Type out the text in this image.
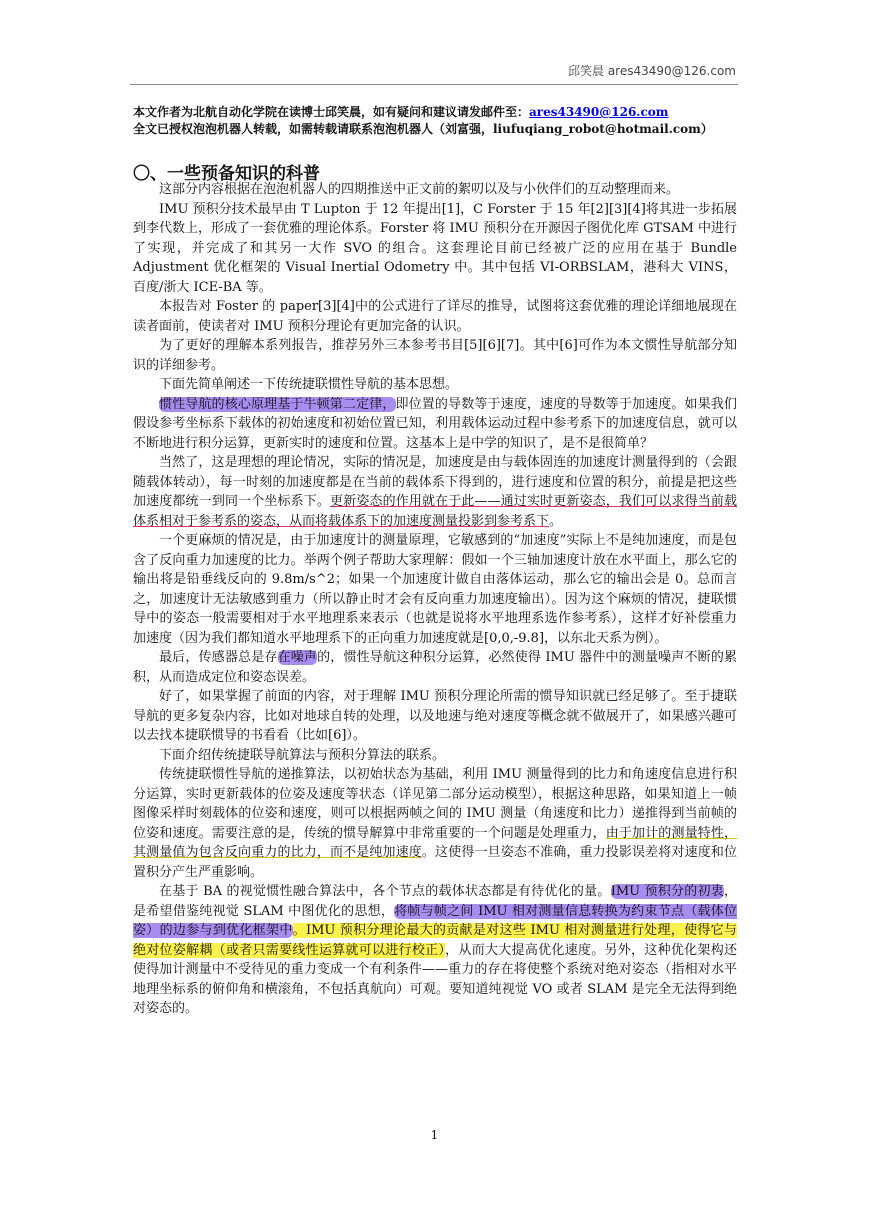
邱笑晨 ares43490@126.com
本文作者为北航自动化学院在读博士邱笑晨，如有疑问和建议请发邮件至：ares43490@126.com
全文已授权泡泡机器人转载，如需转载请联系泡泡机器人（刘富强，liufuqiang_robot@hotmail.com）
〇、一些预备知识的科普

这部分内容根据在泡泡机器人的四期推送中正文前的絮叨以及与小伙伴们的互动整理而来。

IMU 预积分技术最早由 T Lupton 于 12 年提出[1]，C Forster 于 15 年[2][3][4]将其进一步拓展到李代数上，形成了一套优雅的理论体系。Forster 将 IMU 预积分在开源因子图优化库 GTSAM 中进行了实现，并完成了和其另一大作 SVO 的组合。这套理论目前已经被广泛的应用在基于 Bundle Adjustment 优化框架的 Visual Inertial Odometry 中。其中包括 VI-ORBSLAM，港科大 VINS，百度/浙大 ICE-BA 等。

本报告对 Foster 的 paper[3][4]中的公式进行了详尽的推导，试图将这套优雅的理论详细地展现在读者面前，使读者对 IMU 预积分理论有更加完备的认识。

为了更好的理解本系列报告，推荐另外三本参考书目[5][6][7]。其中[6]可作为本文惯性导航部分知识的详细参考。

下面先简单阐述一下传统捷联惯性导航的基本思想。

惯性导航的核心原理基于牛顿第二定律，即位置的导数等于速度，速度的导数等于加速度。如果我们假设参考坐标系下载体的初始速度和初始位置已知，利用载体运动过程中参考系下的加速度信息，就可以不断地进行积分运算，更新实时的速度和位置。这基本上是中学的知识了，是不是很简单？

当然了，这是理想的理论情况，实际的情况是，加速度是由与载体固连的加速度计测量得到的（会跟随载体转动），每一时刻的加速度都是在当前的载体系下得到的，进行速度和位置的积分，前提是把这些加速度都统一到同一个坐标系下。更新姿态的作用就在于此——通过实时更新姿态，我们可以求得当前载体系相对于参考系的姿态，从而将载体系下的加速度测量投影到参考系下。

一个更麻烦的情况是，由于加速度计的测量原理，它敏感到的“加速度”实际上不是纯加速度，而是包含了反向重力加速度的比力。举两个例子帮助大家理解：假如一个三轴加速度计放在水平面上，那么它的输出将是铅垂线反向的 9.8m/s^2；如果一个加速度计做自由落体运动，那么它的输出会是 0。总而言之，加速度计无法敏感到重力（所以静止时才会有反向重力加速度输出）。因为这个麻烦的情况，捷联惯导中的姿态一般需要相对于水平地理系来表示（也就是说将水平地理系选作参考系），这样才好补偿重力加速度（因为我们都知道水平地理系下的正向重力加速度就是[0,0,-9.8]，以东北天系为例）。

最后，传感器总是存在噪声的，惯性导航这种积分运算，必然使得 IMU 器件中的测量噪声不断的累积，从而造成定位和姿态误差。

好了，如果掌握了前面的内容，对于理解 IMU 预积分理论所需的惯导知识就已经足够了。至于捷联导航的更多复杂内容，比如对地球自转的处理，以及地速与绝对速度等概念就不做展开了，如果感兴趣可以去找本捷联惯导的书看看（比如[6]）。

下面介绍传统捷联导航算法与预积分算法的联系。

传统捷联惯性导航的递推算法，以初始状态为基础，利用 IMU 测量得到的比力和角速度信息进行积分运算，实时更新载体的位姿及速度等状态（详见第二部分运动模型），根据这种思路，如果知道上一帧图像采样时刻载体的位姿和速度，则可以根据两帧之间的 IMU 测量（角速度和比力）递推得到当前帧的位姿和速度。需要注意的是，传统的惯导解算中非常重要的一个问题是处理重力，由于加计的测量特性，其测量值为包含反向重力的比力，而不是纯加速度。这使得一旦姿态不准确，重力投影误差将对速度和位置积分产生严重影响。

在基于 BA 的视觉惯性融合算法中，各个节点的载体状态都是有待优化的量。IMU 预积分的初衷，是希望借鉴纯视觉 SLAM 中图优化的思想，将帧与帧之间 IMU 相对测量信息转换为约束节点（载体位姿）的边参与到优化框架中。IMU 预积分理论最大的贡献是对这些 IMU 相对测量进行处理，使得它与绝对位姿解耦（或者只需要线性运算就可以进行校正），从而大大提高优化速度。另外，这种优化架构还使得加计测量中不受待见的重力变成一个有利条件——重力的存在将使整个系统对绝对姿态（指相对水平地理坐标系的俯仰角和横滚角，不包括真航向）可观。要知道纯视觉 VO 或者 SLAM 是完全无法得到绝对姿态的。

1
